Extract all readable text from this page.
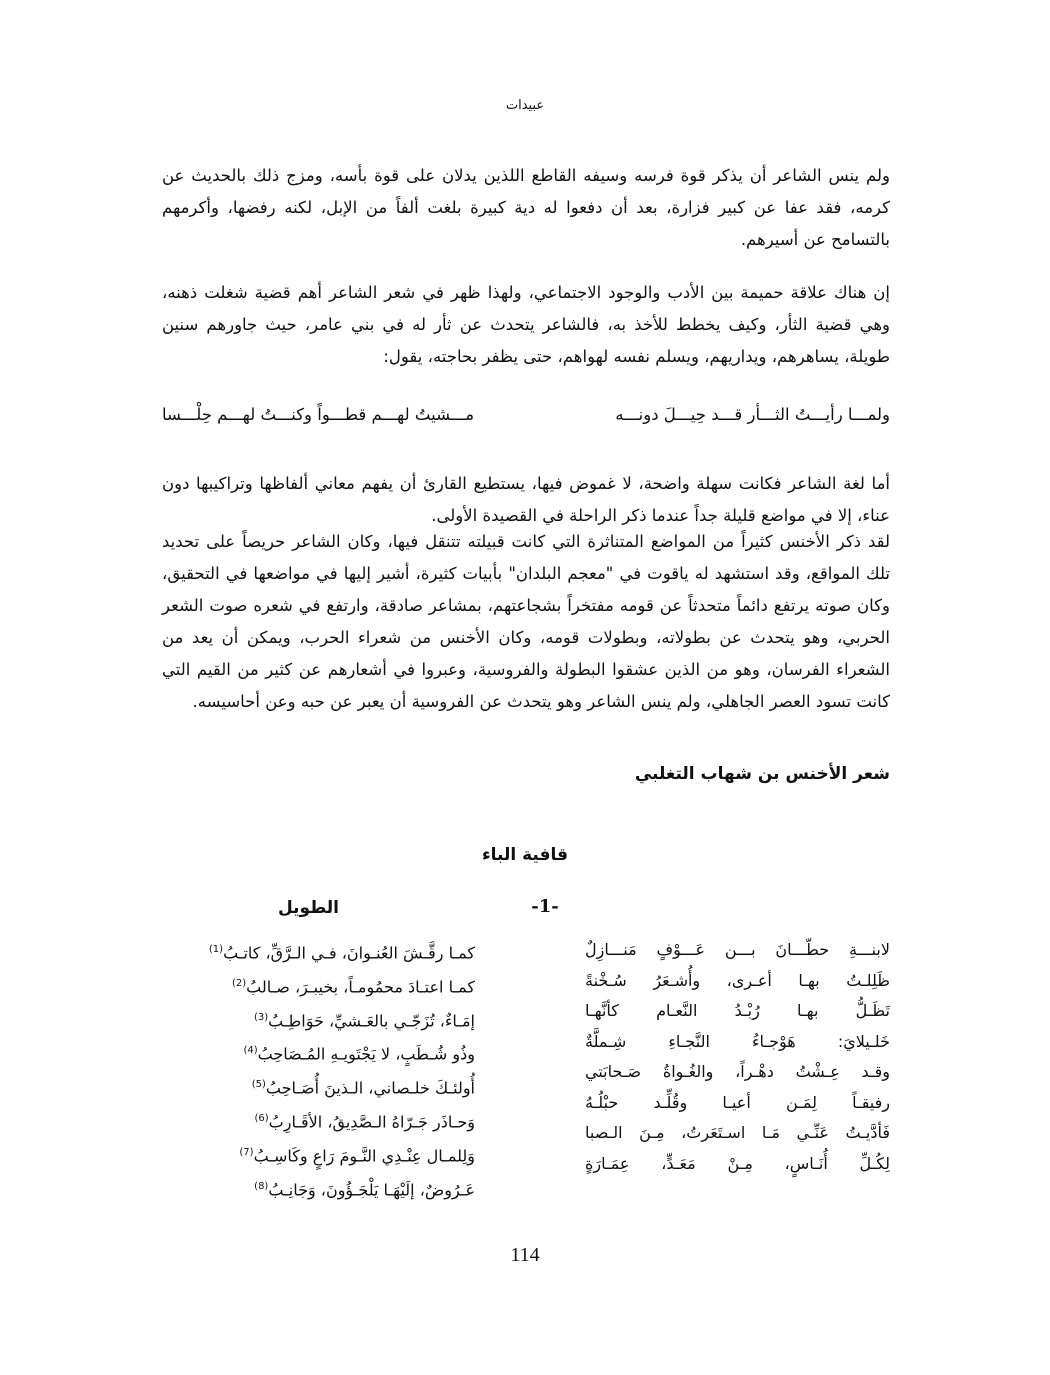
عبيدات

ولم ينس الشاعر أن يذكر قوة فرسه وسيفه القاطع اللذين يدلان على قوة بأسه، ومزج ذلك بالحديث عن كرمه، فقد عفا عن كبير فزارة، بعد أن دفعوا له دية كبيرة بلغت ألفاً من الإبل، لكنه رفضها، وأكرمهم بالتسامح عن أسيرهم.

إن هناك علاقة حميمة بين الأدب والوجود الاجتماعي، ولهذا ظهر في شعر الشاعر أهم قضية شغلت ذهنه، وهي قضية الثأر، وكيف يخطط للأخذ به، فالشاعر يتحدث عن ثأر له في بني عامر، حيث جاورهم سنين طويلة، يساهرهم، ويداريهم، ويسلم نفسه لهواهم، حتى يظفر بحاجته، يقول:

ولمـــا رأيـــتُ الثـــأر قـــد حِيـــلَ دونـــه
مـــشيتُ لهـــم قطـــواً وكنـــتُ لهـــم حِلْـــسا

أما لغة الشاعر فكانت سهلة واضحة، لا غموض فيها، يستطيع القارئ أن يفهم معاني ألفاظها وتراكيبها دون عناء، إلا في مواضع قليلة جداً عندما ذكر الراحلة في القصيدة الأولى.

لقد ذكر الأخنس كثيراً من المواضع المتناثرة التي كانت قبيلته تتنقل فيها، وكان الشاعر حريصاً على تحديد تلك المواقع، وقد استشهد له ياقوت في "معجم البلدان" بأبيات كثيرة، أشير إليها في مواضعها في التحقيق، وكان صوته يرتفع دائماً متحدثاً عن قومه مفتخراً بشجاعتهم، بمشاعر صادقة، وارتفع في شعره صوت الشعر الحربي، وهو يتحدث عن بطولاته، وبطولات قومه، وكان الأخنس من شعراء الحرب، ويمكن أن يعد من الشعراء الفرسان، وهو من الذين عشقوا البطولة والفروسية، وعبروا في أشعارهم عن كثير من القيم التي كانت تسود العصر الجاهلي، ولم ينس الشاعر وهو يتحدث عن الفروسية أن يعبر عن حبه وعن أحاسيسه.

شعر الأخنس بن شهاب التغلبي
قافية الباء
-1-
الطويل
لابنـــةِ حطّـــانَ بـــن عَـــوْفٍ مَنـــازِلٌ
ظَلِلـتُ بهـا أعـرى، وأُشـعَرُ سُـخْنةً
تَظَـلُّ بهـا رُبْـدُ النَّعـام كأنَّهـا
خَلـيلايَ: هَوْجـاءُ النَّجـاءِ شِـملَّةٌ
وقـد عِـشْتُ دهْـراً، والغُـواةُ صَـحابَتي
رفيقـاً لِمَـن أعيـا وقُلِّـد حبْلُـهُ
فَأدَّيـتُ عَنِّـي مَـا اسـتَعَرتُ، مِـنَ الـصبا
لِكُـلِّ أُنَـاسٍ، مِـنْ مَعَـدٍّ، عِمَـارَةٍ
كمـا رقَّـشَ العُنـوانَ، فـي الـرَّقِّ، كاتـبُ$^{(1)}$
كمـا اعتـادَ محمُومـاً، بخيبـرَ، صـالبُ$^{(2)}$
إمَـاءٌ، تُزَجّـي بالعَـشيِّ، حَوَاطِـبُ$^{(3)}$
وذُو شُـطَبٍ، لا يَجْتَويـهِ المُـصَاحِبُ$^{(4)}$
أُولئـكَ خلـصاني، الـذينَ أُصَـاحِبُ$^{(5)}$
وَحـاذَر جَـرّاهُ الـصَّدِيقُ، الأقَـارِبُ$^{(6)}$
وَلِلمـال عِنْـدِي النَّـومَ رَاعٍ وكَاسِـبُ$^{(7)}$
عَـرُوضٌ، إلَيْهَـا يَلْجَـؤُونَ، وَجَانِـبُ$^{(8)}$
114
